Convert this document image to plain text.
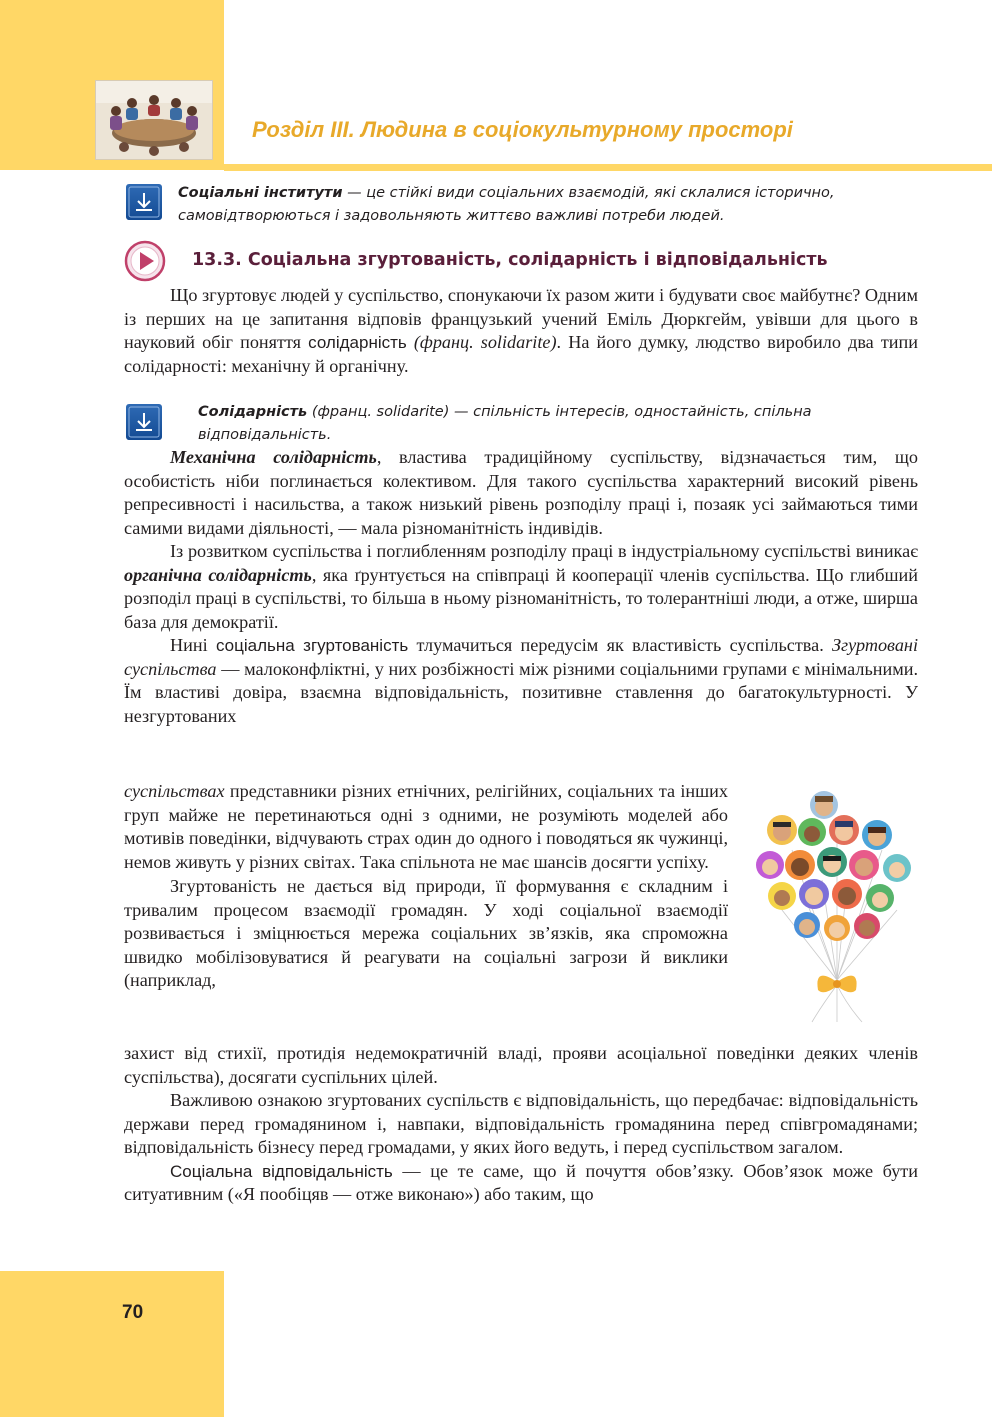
Розділ ІІІ. Людина в соціокультурному просторі
Соціальні інститути — це стійкі види соціальних взаємодій, які склалися історично, самовідтворюються і задовольняють життєво важливі потреби людей.
13.3. Соціальна згуртованість, солідарність і відповідальність

Що згуртовує людей у суспільство, спонукаючи їх разом жити і будувати своє майбутнє? Одним із перших на це запитання відповів французький учений Еміль Дюркгейм, увівши для цього в науковий обіг поняття солідарність (франц. solidarite). На його думку, людство виробило два типи солідарності: механічну й органічну.

Солідарність (франц. solidarite) — спільність інтересів, одностайність, спільна відповідальність.

Механічна солідарність, властива традиційному суспільству, відзначається тим, що особистість ніби поглинається колективом. Для такого суспільства характерний високий рівень репресивності і насильства, а також низький рівень розподілу праці і, позаяк усі займаються тими самими видами діяльності, — мала різноманітність індивідів.

Із розвитком суспільства і поглибленням розподілу праці в індустріальному суспільстві виникає органічна солідарність, яка ґрунтується на співпраці й кооперації членів суспільства. Що глибший розподіл праці в суспільстві, то більша в ньому різноманітність, то толерантніші люди, а отже, ширша база для демократії.

Нині соціальна згуртованість тлумачиться передусім як властивість суспільства. Згуртовані суспільства — малоконфліктні, у них розбіжності між різними соціальними групами є мінімальними. Їм властиві довіра, взаємна відповідальність, позитивне ставлення до багатокультурності. У незгуртованих

суспільствах представники різних етнічних, релігійних, соціальних та інших груп майже не перетинаються одні з одними, не розуміють моделей або мотивів поведінки, відчувають страх один до одного і поводяться як чужинці, немов живуть у різних світах. Така спільнота не має шансів досягти успіху.

Згуртованість не дається від природи, її формування є складним і тривалим процесом взаємодії громадян. У ході соціальної взаємодії розвивається і зміцнюється мережа соціальних зв’язків, яка спроможна швидко мобілізовуватися й реагувати на соціальні загрози й виклики (наприклад,

захист від стихії, протидія недемократичній владі, прояви асоціальної поведінки деяких членів суспільства), досягати суспільних цілей.

Важливою ознакою згуртованих суспільств є відповідальність, що передбачає: відповідальність держави перед громадянином і, навпаки, відповідальність громадянина перед співгромадянами; відповідальність бізнесу перед громадами, у яких його ведуть, і перед суспільством загалом.

Соціальна відповідальність — це те саме, що й почуття обов’язку. Обов’язок може бути ситуативним («Я пообіцяв — отже виконаю») або таким, що

70
